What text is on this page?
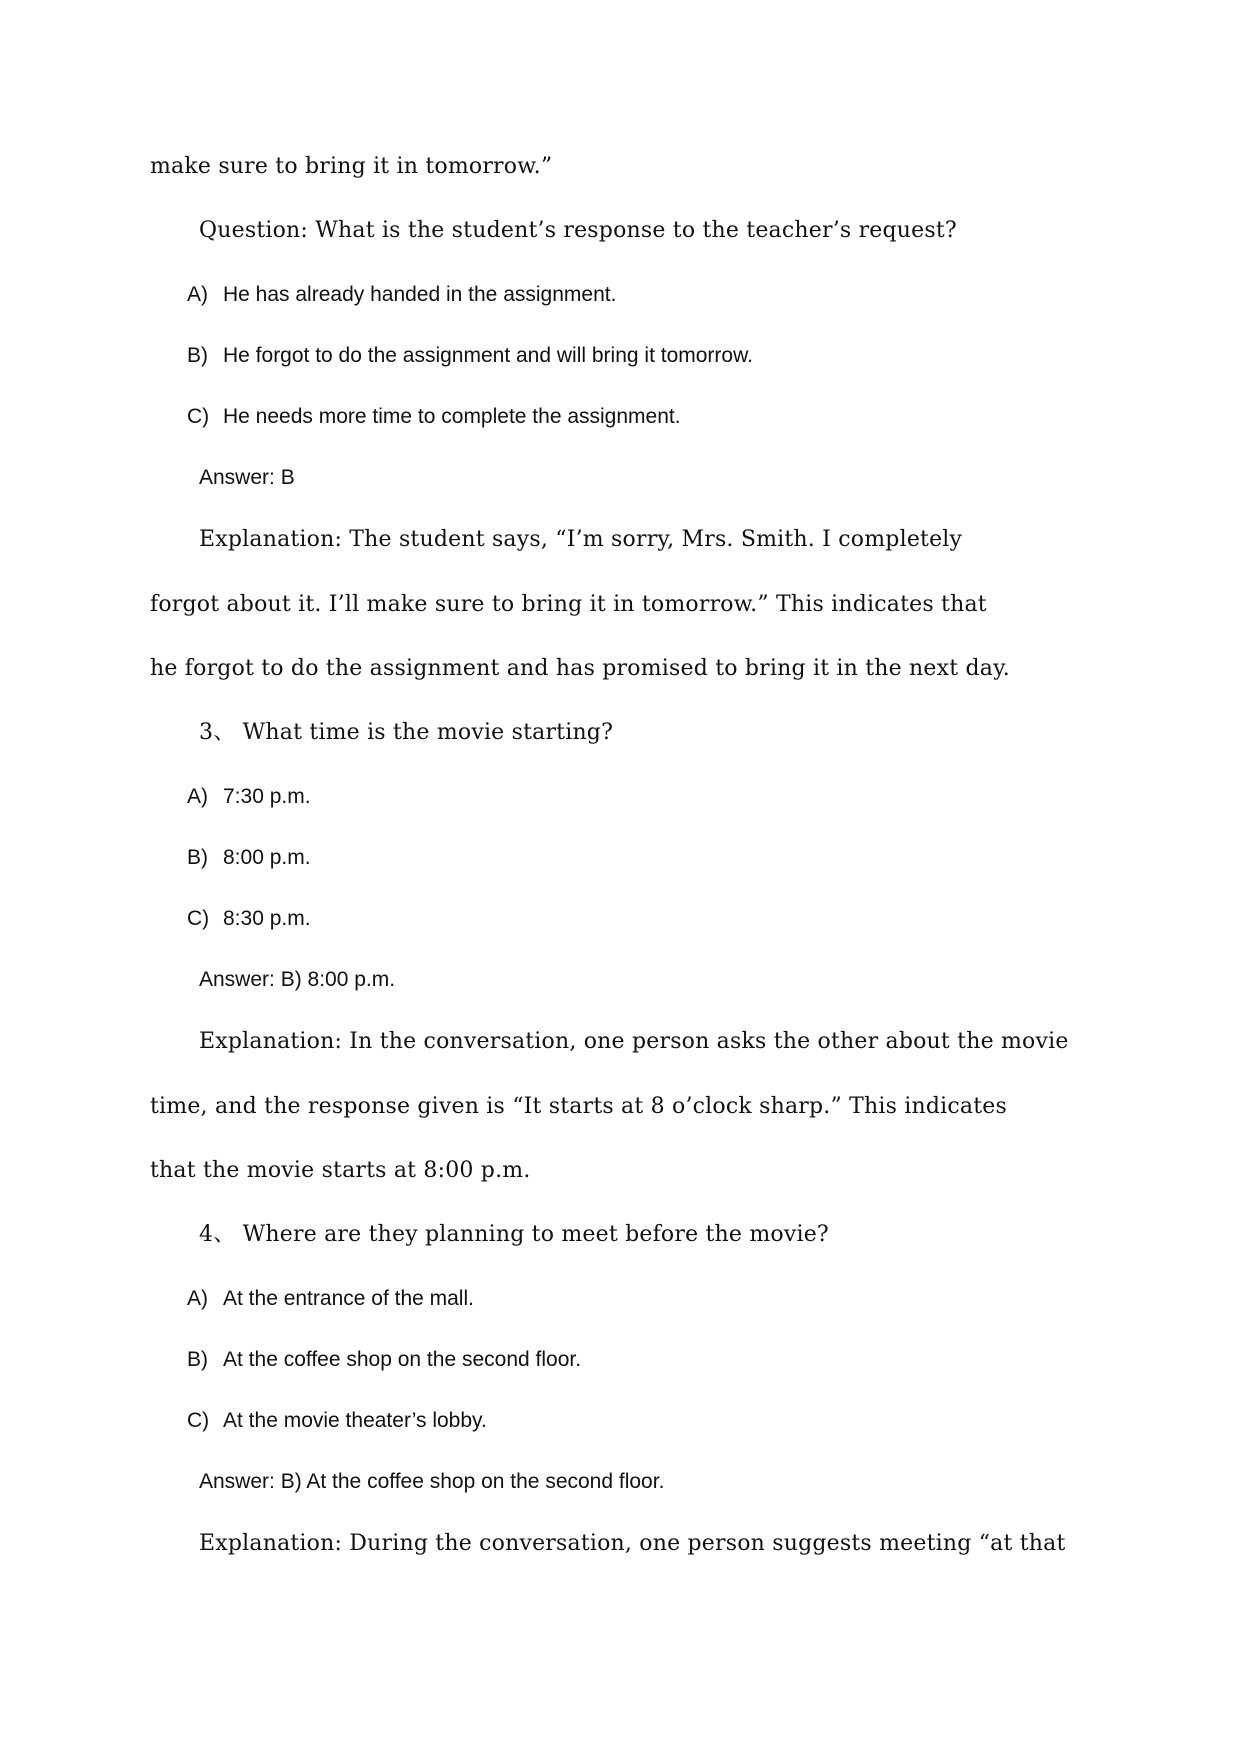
make sure to bring it in tomorrow.”
Question: What is the student’s response to the teacher’s request?
A) He has already handed in the assignment.
B) He forgot to do the assignment and will bring it tomorrow.
C) He needs more time to complete the assignment.
Answer: B
Explanation: The student says, “I’m sorry, Mrs. Smith. I completely
forgot about it. I’ll make sure to bring it in tomorrow.” This indicates that
he forgot to do the assignment and has promised to bring it in the next day.
3、 What time is the movie starting?
A) 7:30 p.m.
B) 8:00 p.m.
C) 8:30 p.m.
Answer: B) 8:00 p.m.
Explanation: In the conversation, one person asks the other about the movie
time, and the response given is “It starts at 8 o’clock sharp.” This indicates
that the movie starts at 8:00 p.m.
4、 Where are they planning to meet before the movie?
A) At the entrance of the mall.
B) At the coffee shop on the second floor.
C) At the movie theater’s lobby.
Answer: B) At the coffee shop on the second floor.
Explanation: During the conversation, one person suggests meeting “at that
